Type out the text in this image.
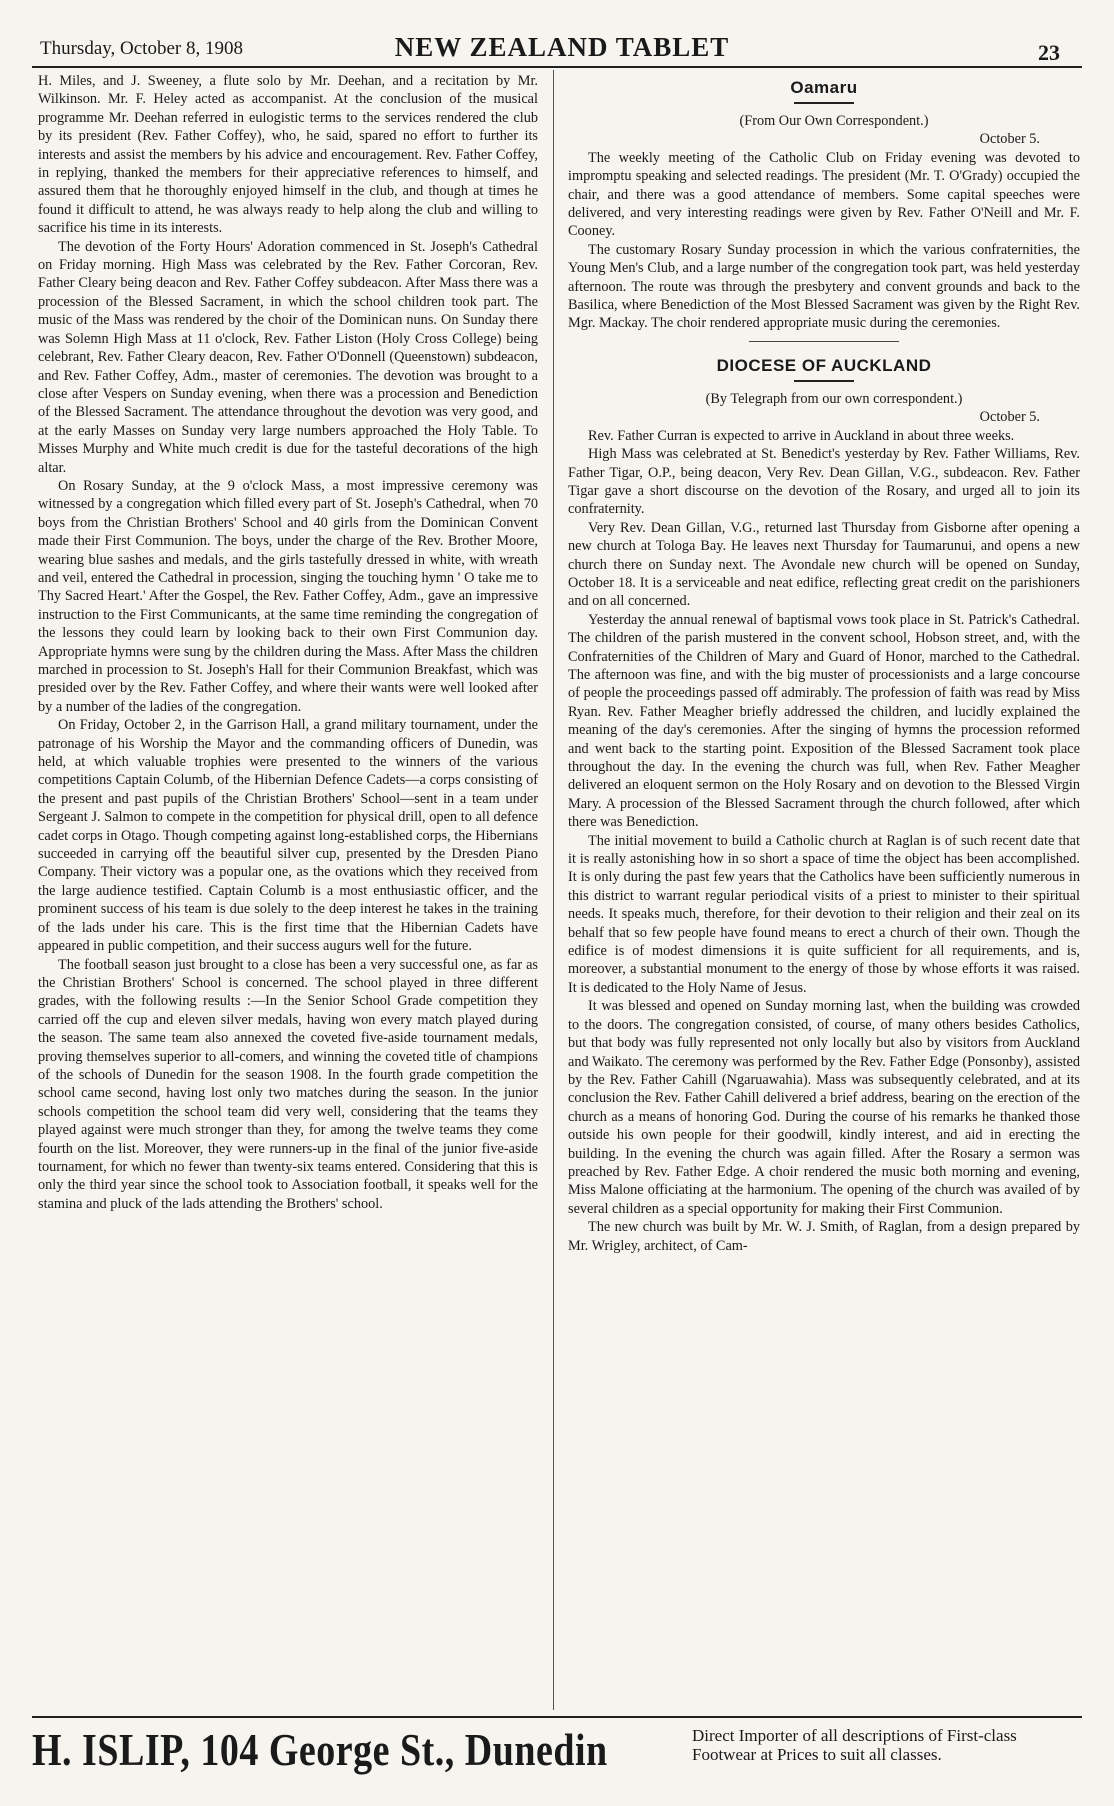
Thursday, October 8, 1908	NEW ZEALAND TABLET	23

H. Miles, and J. Sweeney, a flute solo by Mr. Deehan, and a recitation by Mr. Wilkinson. Mr. F. Heley acted as accompanist. At the conclusion of the musical programme Mr. Deehan referred in eulogistic terms to the services rendered the club by its president (Rev. Father Coffey), who, he said, spared no effort to further its interests and assist the members by his advice and encouragement. Rev. Father Coffey, in replying, thanked the members for their appreciative references to himself, and assured them that he thoroughly enjoyed himself in the club, and though at times he found it difficult to attend, he was always ready to help along the club and willing to sacrifice his time in its interests.

The devotion of the Forty Hours' Adoration commenced in St. Joseph's Cathedral on Friday morning. High Mass was celebrated by the Rev. Father Corcoran, Rev. Father Cleary being deacon and Rev. Father Coffey subdeacon. After Mass there was a procession of the Blessed Sacrament, in which the school children took part. The music of the Mass was rendered by the choir of the Dominican nuns. On Sunday there was Solemn High Mass at 11 o'clock, Rev. Father Liston (Holy Cross College) being celebrant, Rev. Father Cleary deacon, Rev. Father O'Donnell (Queenstown) subdeacon, and Rev. Father Coffey, Adm., master of ceremonies. The devotion was brought to a close after Vespers on Sunday evening, when there was a procession and Benediction of the Blessed Sacrament. The attendance throughout the devotion was very good, and at the early Masses on Sunday very large numbers approached the Holy Table. To Misses Murphy and White much credit is due for the tasteful decorations of the high altar.

On Rosary Sunday, at the 9 o'clock Mass, a most impressive ceremony was witnessed by a congregation which filled every part of St. Joseph's Cathedral, when 70 boys from the Christian Brothers' School and 40 girls from the Dominican Convent made their First Communion. The boys, under the charge of the Rev. Brother Moore, wearing blue sashes and medals, and the girls tastefully dressed in white, with wreath and veil, entered the Cathedral in procession, singing the touching hymn ' O take me to Thy Sacred Heart.' After the Gospel, the Rev. Father Coffey, Adm., gave an impressive instruction to the First Communicants, at the same time reminding the congregation of the lessons they could learn by looking back to their own First Communion day. Appropriate hymns were sung by the children during the Mass. After Mass the children marched in procession to St. Joseph's Hall for their Communion Breakfast, which was presided over by the Rev. Father Coffey, and where their wants were well looked after by a number of the ladies of the congregation.

On Friday, October 2, in the Garrison Hall, a grand military tournament, under the patronage of his Worship the Mayor and the commanding officers of Dunedin, was held, at which valuable trophies were presented to the winners of the various competitions Captain Columb, of the Hibernian Defence Cadets—a corps consisting of the present and past pupils of the Christian Brothers' School—sent in a team under Sergeant J. Salmon to compete in the competition for physical drill, open to all defence cadet corps in Otago. Though competing against long-established corps, the Hibernians succeeded in carrying off the beautiful silver cup, presented by the Dresden Piano Company. Their victory was a popular one, as the ovations which they received from the large audience testified. Captain Columb is a most enthusiastic officer, and the prominent success of his team is due solely to the deep interest he takes in the training of the lads under his care. This is the first time that the Hibernian Cadets have appeared in public competition, and their success augurs well for the future.

The football season just brought to a close has been a very successful one, as far as the Christian Brothers' School is concerned. The school played in three different grades, with the following results :—In the Senior School Grade competition they carried off the cup and eleven silver medals, having won every match played during the season. The same team also annexed the coveted five-aside tournament medals, proving themselves superior to all-comers, and winning the coveted title of champions of the schools of Dunedin for the season 1908. In the fourth grade competition the school came second, having lost only two matches during the season. In the junior schools competition the school team did very well, considering that the teams they played against were much stronger than they, for among the twelve teams they come fourth on the list. Moreover, they were runners-up in the final of the junior five-aside tournament, for which no fewer than twenty-six teams entered. Considering that this is only the third year since the school took to Association football, it speaks well for the stamina and pluck of the lads attending the Brothers' school.

Oamaru

(From Our Own Correspondent.)

October 5.

The weekly meeting of the Catholic Club on Friday evening was devoted to impromptu speaking and selected readings. The president (Mr. T. O'Grady) occupied the chair, and there was a good attendance of members. Some capital speeches were delivered, and very interesting readings were given by Rev. Father O'Neill and Mr. F. Cooney.

The customary Rosary Sunday procession in which the various confraternities, the Young Men's Club, and a large number of the congregation took part, was held yesterday afternoon. The route was through the presbytery and convent grounds and back to the Basilica, where Benediction of the Most Blessed Sacrament was given by the Right Rev. Mgr. Mackay. The choir rendered appropriate music during the ceremonies.

DIOCESE OF AUCKLAND

(By Telegraph from our own correspondent.)

October 5.

Rev. Father Curran is expected to arrive in Auckland in about three weeks.

High Mass was celebrated at St. Benedict's yesterday by Rev. Father Williams, Rev. Father Tigar, O.P., being deacon, Very Rev. Dean Gillan, V.G., subdeacon. Rev. Father Tigar gave a short discourse on the devotion of the Rosary, and urged all to join its confraternity.

Very Rev. Dean Gillan, V.G., returned last Thursday from Gisborne after opening a new church at Tologa Bay. He leaves next Thursday for Taumarunui, and opens a new church there on Sunday next. The Avondale new church will be opened on Sunday, October 18. It is a serviceable and neat edifice, reflecting great credit on the parishioners and on all concerned.

Yesterday the annual renewal of baptismal vows took place in St. Patrick's Cathedral. The children of the parish mustered in the convent school, Hobson street, and, with the Confraternities of the Children of Mary and Guard of Honor, marched to the Cathedral. The afternoon was fine, and with the big muster of processionists and a large concourse of people the proceedings passed off admirably. The profession of faith was read by Miss Ryan. Rev. Father Meagher briefly addressed the children, and lucidly explained the meaning of the day's ceremonies. After the singing of hymns the procession reformed and went back to the starting point. Exposition of the Blessed Sacrament took place throughout the day. In the evening the church was full, when Rev. Father Meagher delivered an eloquent sermon on the Holy Rosary and on devotion to the Blessed Virgin Mary. A procession of the Blessed Sacrament through the church followed, after which there was Benediction.

The initial movement to build a Catholic church at Raglan is of such recent date that it is really astonishing how in so short a space of time the object has been accomplished. It is only during the past few years that the Catholics have been sufficiently numerous in this district to warrant regular periodical visits of a priest to minister to their spiritual needs. It speaks much, therefore, for their devotion to their religion and their zeal on its behalf that so few people have found means to erect a church of their own. Though the edifice is of modest dimensions it is quite sufficient for all requirements, and is, moreover, a substantial monument to the energy of those by whose efforts it was raised. It is dedicated to the Holy Name of Jesus.

It was blessed and opened on Sunday morning last, when the building was crowded to the doors. The congregation consisted, of course, of many others besides Catholics, but that body was fully represented not only locally but also by visitors from Auckland and Waikato. The ceremony was performed by the Rev. Father Edge (Ponsonby), assisted by the Rev. Father Cahill (Ngaruawahia). Mass was subsequently celebrated, and at its conclusion the Rev. Father Cahill delivered a brief address, bearing on the erection of the church as a means of honoring God. During the course of his remarks he thanked those outside his own people for their goodwill, kindly interest, and aid in erecting the building. In the evening the church was again filled. After the Rosary a sermon was preached by Rev. Father Edge. A choir rendered the music both morning and evening, Miss Malone officiating at the harmonium. The opening of the church was availed of by several children as a special opportunity for making their First Communion.

The new church was built by Mr. W. J. Smith, of Raglan, from a design prepared by Mr. Wrigley, architect, of Cam-

H. ISLIP, 104 George St., Dunedin	Direct Importer of all descriptions of First-class
Footwear at Prices to suit all classes.
